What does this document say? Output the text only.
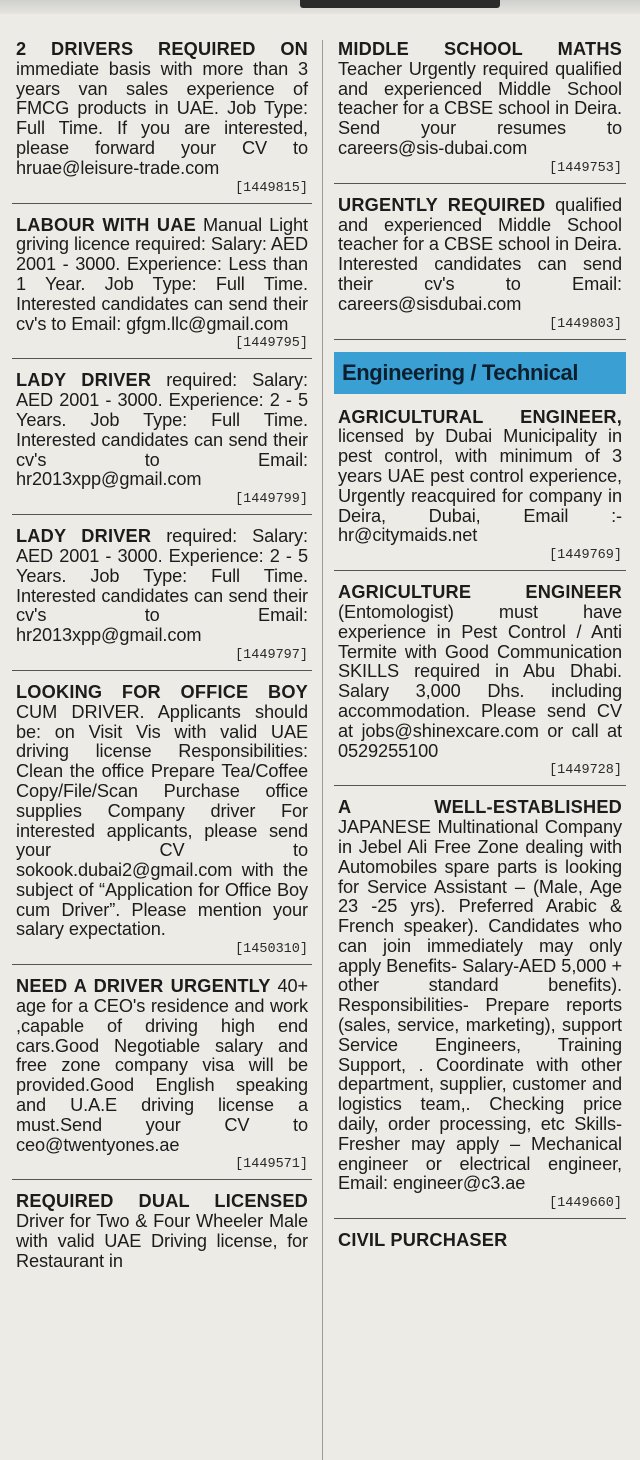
2 DRIVERS REQUIRED ON immediate basis with more than 3 years van sales experience of FMCG products in UAE. Job Type: Full Time. If you are interested, please forward your CV to hruae@leisure-trade.com

[1449815]

LABOUR WITH UAE Manual Light griving licence required: Salary: AED 2001 - 3000. Experience: Less than 1 Year. Job Type: Full Time. Interested candidates can send their cv's to Email: gfgm.llc@gmail.com

[1449795]

LADY DRIVER required: Salary: AED 2001 - 3000. Experience: 2 - 5 Years. Job Type: Full Time. Interested candidates can send their cv's to Email: hr2013xpp@gmail.com

[1449799]

LADY DRIVER required: Salary: AED 2001 - 3000. Experience: 2 - 5 Years. Job Type: Full Time. Interested candidates can send their cv's to Email: hr2013xpp@gmail.com

[1449797]

LOOKING FOR OFFICE BOY CUM DRIVER. Applicants should be: on Visit Vis with valid UAE driving license Responsibilities: Clean the office Prepare Tea/Coffee Copy/File/Scan Purchase office supplies Company driver For interested applicants, please send your CV to sokook.dubai2@gmail.com with the subject of “Application for Office Boy cum Driver”. Please mention your salary expectation.

[1450310]

NEED A DRIVER URGENTLY 40+ age for a CEO's residence and work ,capable of driving high end cars.Good Negotiable salary and free zone company visa will be provided.Good English speaking and U.A.E driving license a must.Send your CV to ceo@twentyones.ae

[1449571]

REQUIRED DUAL LICENSED Driver for Two & Four Wheeler Male with valid UAE Driving license, for Restaurant in

MIDDLE SCHOOL MATHS Teacher Urgently required qualified and experienced Middle School teacher for a CBSE school in Deira. Send your resumes to careers@sis-dubai.com

[1449753]

URGENTLY REQUIRED qualified and experienced Middle School teacher for a CBSE school in Deira. Interested candidates can send their cv's to Email: careers@sisdubai.com

[1449803]
Engineering / Technical

AGRICULTURAL ENGINEER, licensed by Dubai Municipality in pest control, with minimum of 3 years UAE pest control experience, Urgently reacquired for company in Deira, Dubai, Email :- hr@citymaids.net

[1449769]

AGRICULTURE ENGINEER (Entomologist) must have experience in Pest Control / Anti Termite with Good Communication SKILLS required in Abu Dhabi. Salary 3,000 Dhs. including accommodation. Please send CV at jobs@shinexcare.com or call at 0529255100

[1449728]

A WELL-ESTABLISHED JAPANESE Multinational Company in Jebel Ali Free Zone dealing with Automobiles spare parts is looking for Service Assistant – (Male, Age 23 -25 yrs). Preferred Arabic & French speaker). Candidates who can join immediately may only apply Benefits- Salary-AED 5,000 + other standard benefits). Responsibilities- Prepare reports (sales, service, marketing), support Service Engineers, Training Support, . Coordinate with other department, supplier, customer and logistics team,. Checking price daily, order processing, etc Skills- Fresher may apply – Mechanical engineer or electrical engineer, Email: engineer@c3.ae

[1449660]

CIVIL PURCHASER
